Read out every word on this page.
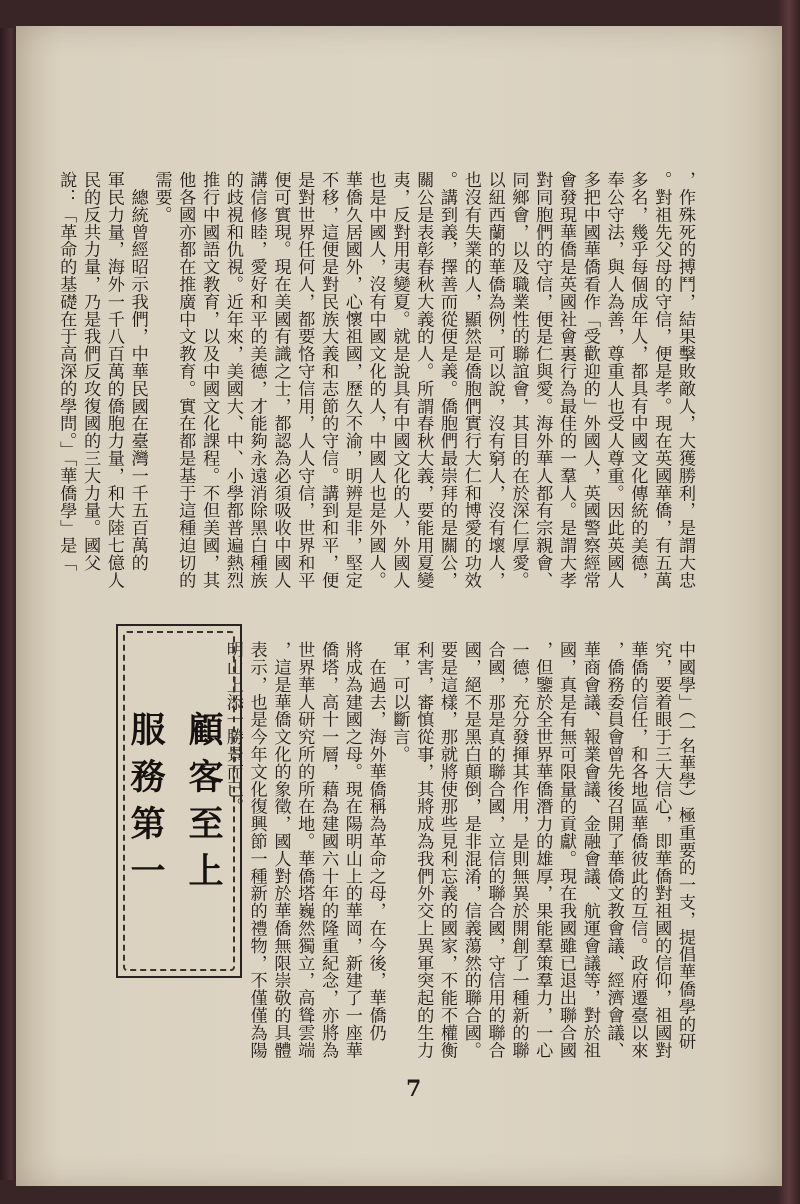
，作殊死的搏鬥，結果擊敗敵人，大獲勝利，是謂大忠
。對祖先父母的守信，便是孝。現在英國華僑，有五萬
多名，幾乎每個成年人，都具有中國文化傳統的美德，
奉公守法，與人為善，尊重人也受人尊重。因此英國人
多把中國華僑看作「受歡迎的」外國人，英國警察經常
會發現華僑是英國社會裏行為最佳的一羣人。是謂大孝
對同胞們的守信，便是仁與愛。海外華人都有宗親會、
同鄉會，以及職業性的聯誼會，其目的在於深仁厚愛。
以紐西蘭的華僑為例，可以說，沒有窮人，沒有壞人，
也沒有失業的人，顯然是僑胞們實行大仁和博愛的功效
。講到義，擇善而從便是義。僑胞們最崇拜的是關公，
關公是表彰春秋大義的人。所謂春秋大義，要能用夏變
夷，反對用夷變夏。就是說具有中國文化的人，外國人
也是中國人，沒有中國文化的人，中國人也是外國人。
華僑久居國外，心懷祖國，歷久不渝，明辨是非，堅定
不移，這便是對民族大義和志節的守信。講到和平，便
是對世界任何人，都要恪守信用，人人守信，世界和平
便可實現。現在美國有識之士，都認為必須吸收中國人
講信修睦，愛好和平的美德，才能夠永遠消除黑白種族
的歧視和仇視。近年來，美國大、中、小學都普遍熱烈
推行中國語文教育，以及中國文化課程。不但美國，其
他各國亦都在推廣中文教育。實在都是基于這種迫切的
需要。
　總統曾經昭示我們，中華民國在臺灣一千五百萬的
軍民力量，海外一千八百萬的僑胞力量，和大陸七億人
民的反共力量，乃是我們反攻復國的三大力量。國父
說：「革命的基礎在于高深的學問。」「華僑學」是「
中國學」（一名華學）極重要的一支，提倡華僑學的研
究，要着眼于三大信心，即華僑對祖國的信仰，祖國對
華僑的信任，和各地區華僑彼此的互信。政府遷臺以來
，僑務委員會曾先後召開了華僑文教會議、經濟會議、
華商會議、報業會議、金融會議、航運會議等，對於祖
國，真是有無可限量的貢獻。現在我國雖已退出聯合國
，但鑒於全世界華僑潛力的雄厚，果能羣策羣力，一心
一德，充分發揮其作用，是則無異於開創了一種新的聯
合國，那是真的聯合國，立信的聯合國，守信用的聯合
國，絕不是黑白顛倒，是非混淆，信義蕩然的聯合國。
要是這樣，那就將使那些見利忘義的國家，不能不權衡
利害，審慎從事，其將成為我們外交上異軍突起的生力
軍，可以斷言。
　在過去，海外華僑稱為革命之母，在今後，華僑仍
將成為建國之母。現在陽明山上的華岡，新建了一座華
僑塔，高十一層，藉為建國六十年的隆重紀念，亦將為
世界華人研究所的所在地。華僑塔巍然獨立，高聳雲端
，這是華僑文化的象徵，國人對於華僑無限崇敬的具體
表示，也是今年文化復興節一種新的禮物，不僅僅為陽
明山上添一勝景而已。
顧客至上
服務第一
7
